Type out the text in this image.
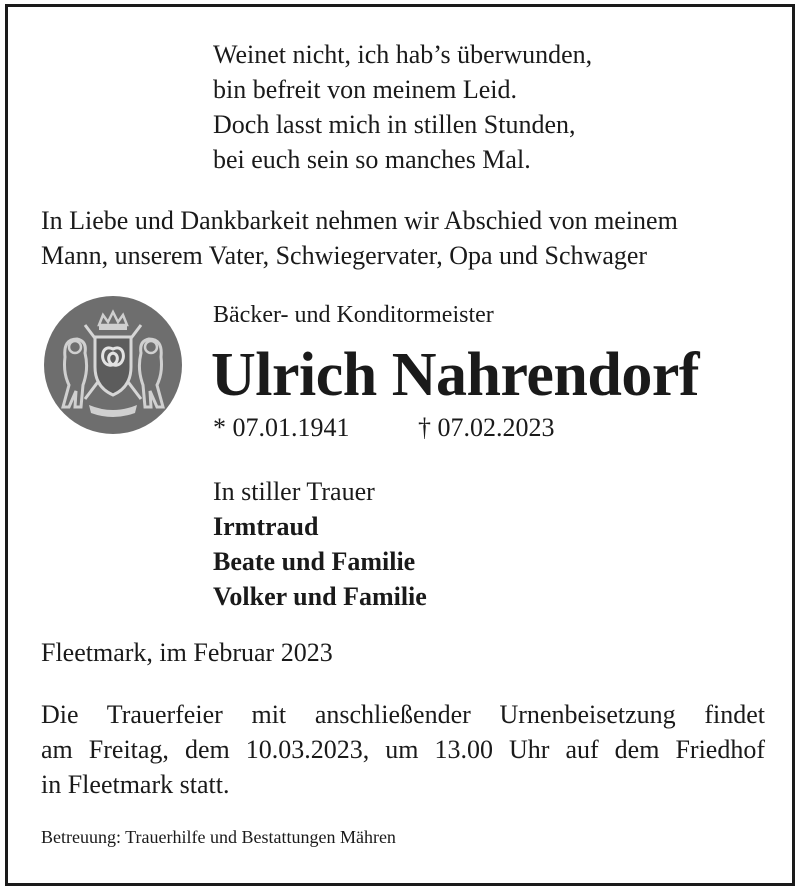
Weinet nicht, ich hab’s überwunden,
bin befreit von meinem Leid.
Doch lasst mich in stillen Stunden,
bei euch sein so manches Mal.
In Liebe und Dankbarkeit nehmen wir Abschied von meinem
Mann, unserem Vater, Schwiegervater, Opa und Schwager
Bäcker- und Konditormeister
Ulrich Nahrendorf
* 07.01.1941	† 07.02.2023
In stiller Trauer
Irmtraud
Beate und Familie
Volker und Familie
Fleetmark, im Februar 2023
Die Trauerfeier mit anschließender Urnenbeisetzung findet
am Freitag, dem 10.03.2023, um 13.00 Uhr auf dem Friedhof
in Fleetmark statt.
Betreuung: Trauerhilfe und Bestattungen Mähren
